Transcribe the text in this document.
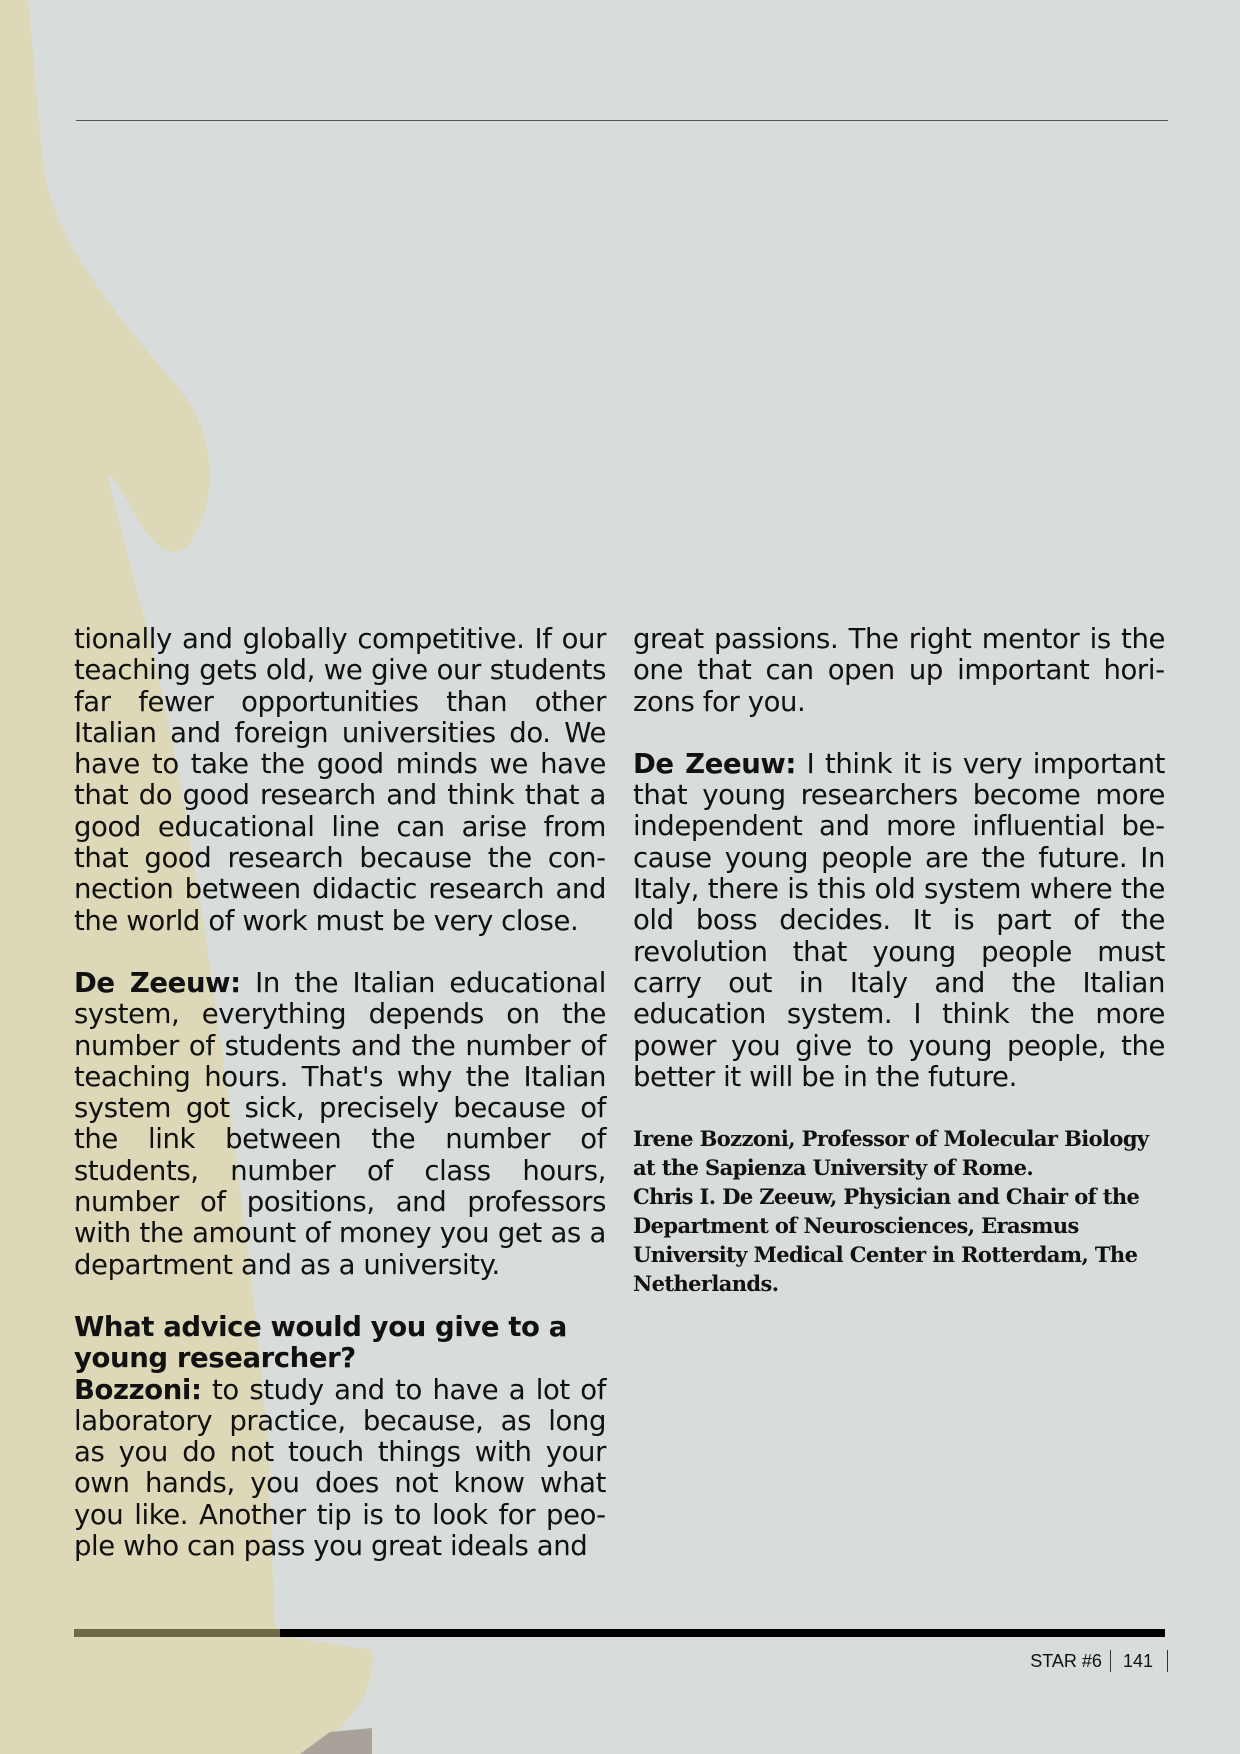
tionally and globally competitive. If our teaching gets old, we give our students far fewer opportunities than other Italian and foreign universities do. We have to take the good minds we have that do good research and think that a good educational line can arise from that good research because the connection between didactic research and the world of work must be very close.

De Zeeuw: In the Italian educational system, everything depends on the number of students and the number of teaching hours. That's why the Italian system got sick, precisely because of the link between the number of students, number of class hours, number of positions, and professors with the amount of money you get as a department and as a university.

What advice would you give to a young researcher?

Bozzoni: to study and to have a lot of laboratory practice, because, as long as you do not touch things with your own hands, you does not know what you like. Another tip is to look for people who can pass you great ideals and

great passions. The right mentor is the one that can open up important horizons for you.

De Zeeuw: I think it is very important that young researchers become more independent and more influential because young people are the future. In Italy, there is this old system where the old boss decides. It is part of the revolution that young people must carry out in Italy and the Italian education system. I think the more power you give to young people, the better it will be in the future.

Irene Bozzoni, Professor of Molecular Biology at the Sapienza University of Rome.
Chris I. De Zeeuw, Physician and Chair of the Department of Neurosciences, Erasmus University Medical Center in Rotterdam, The Netherlands.
STAR #6 141
